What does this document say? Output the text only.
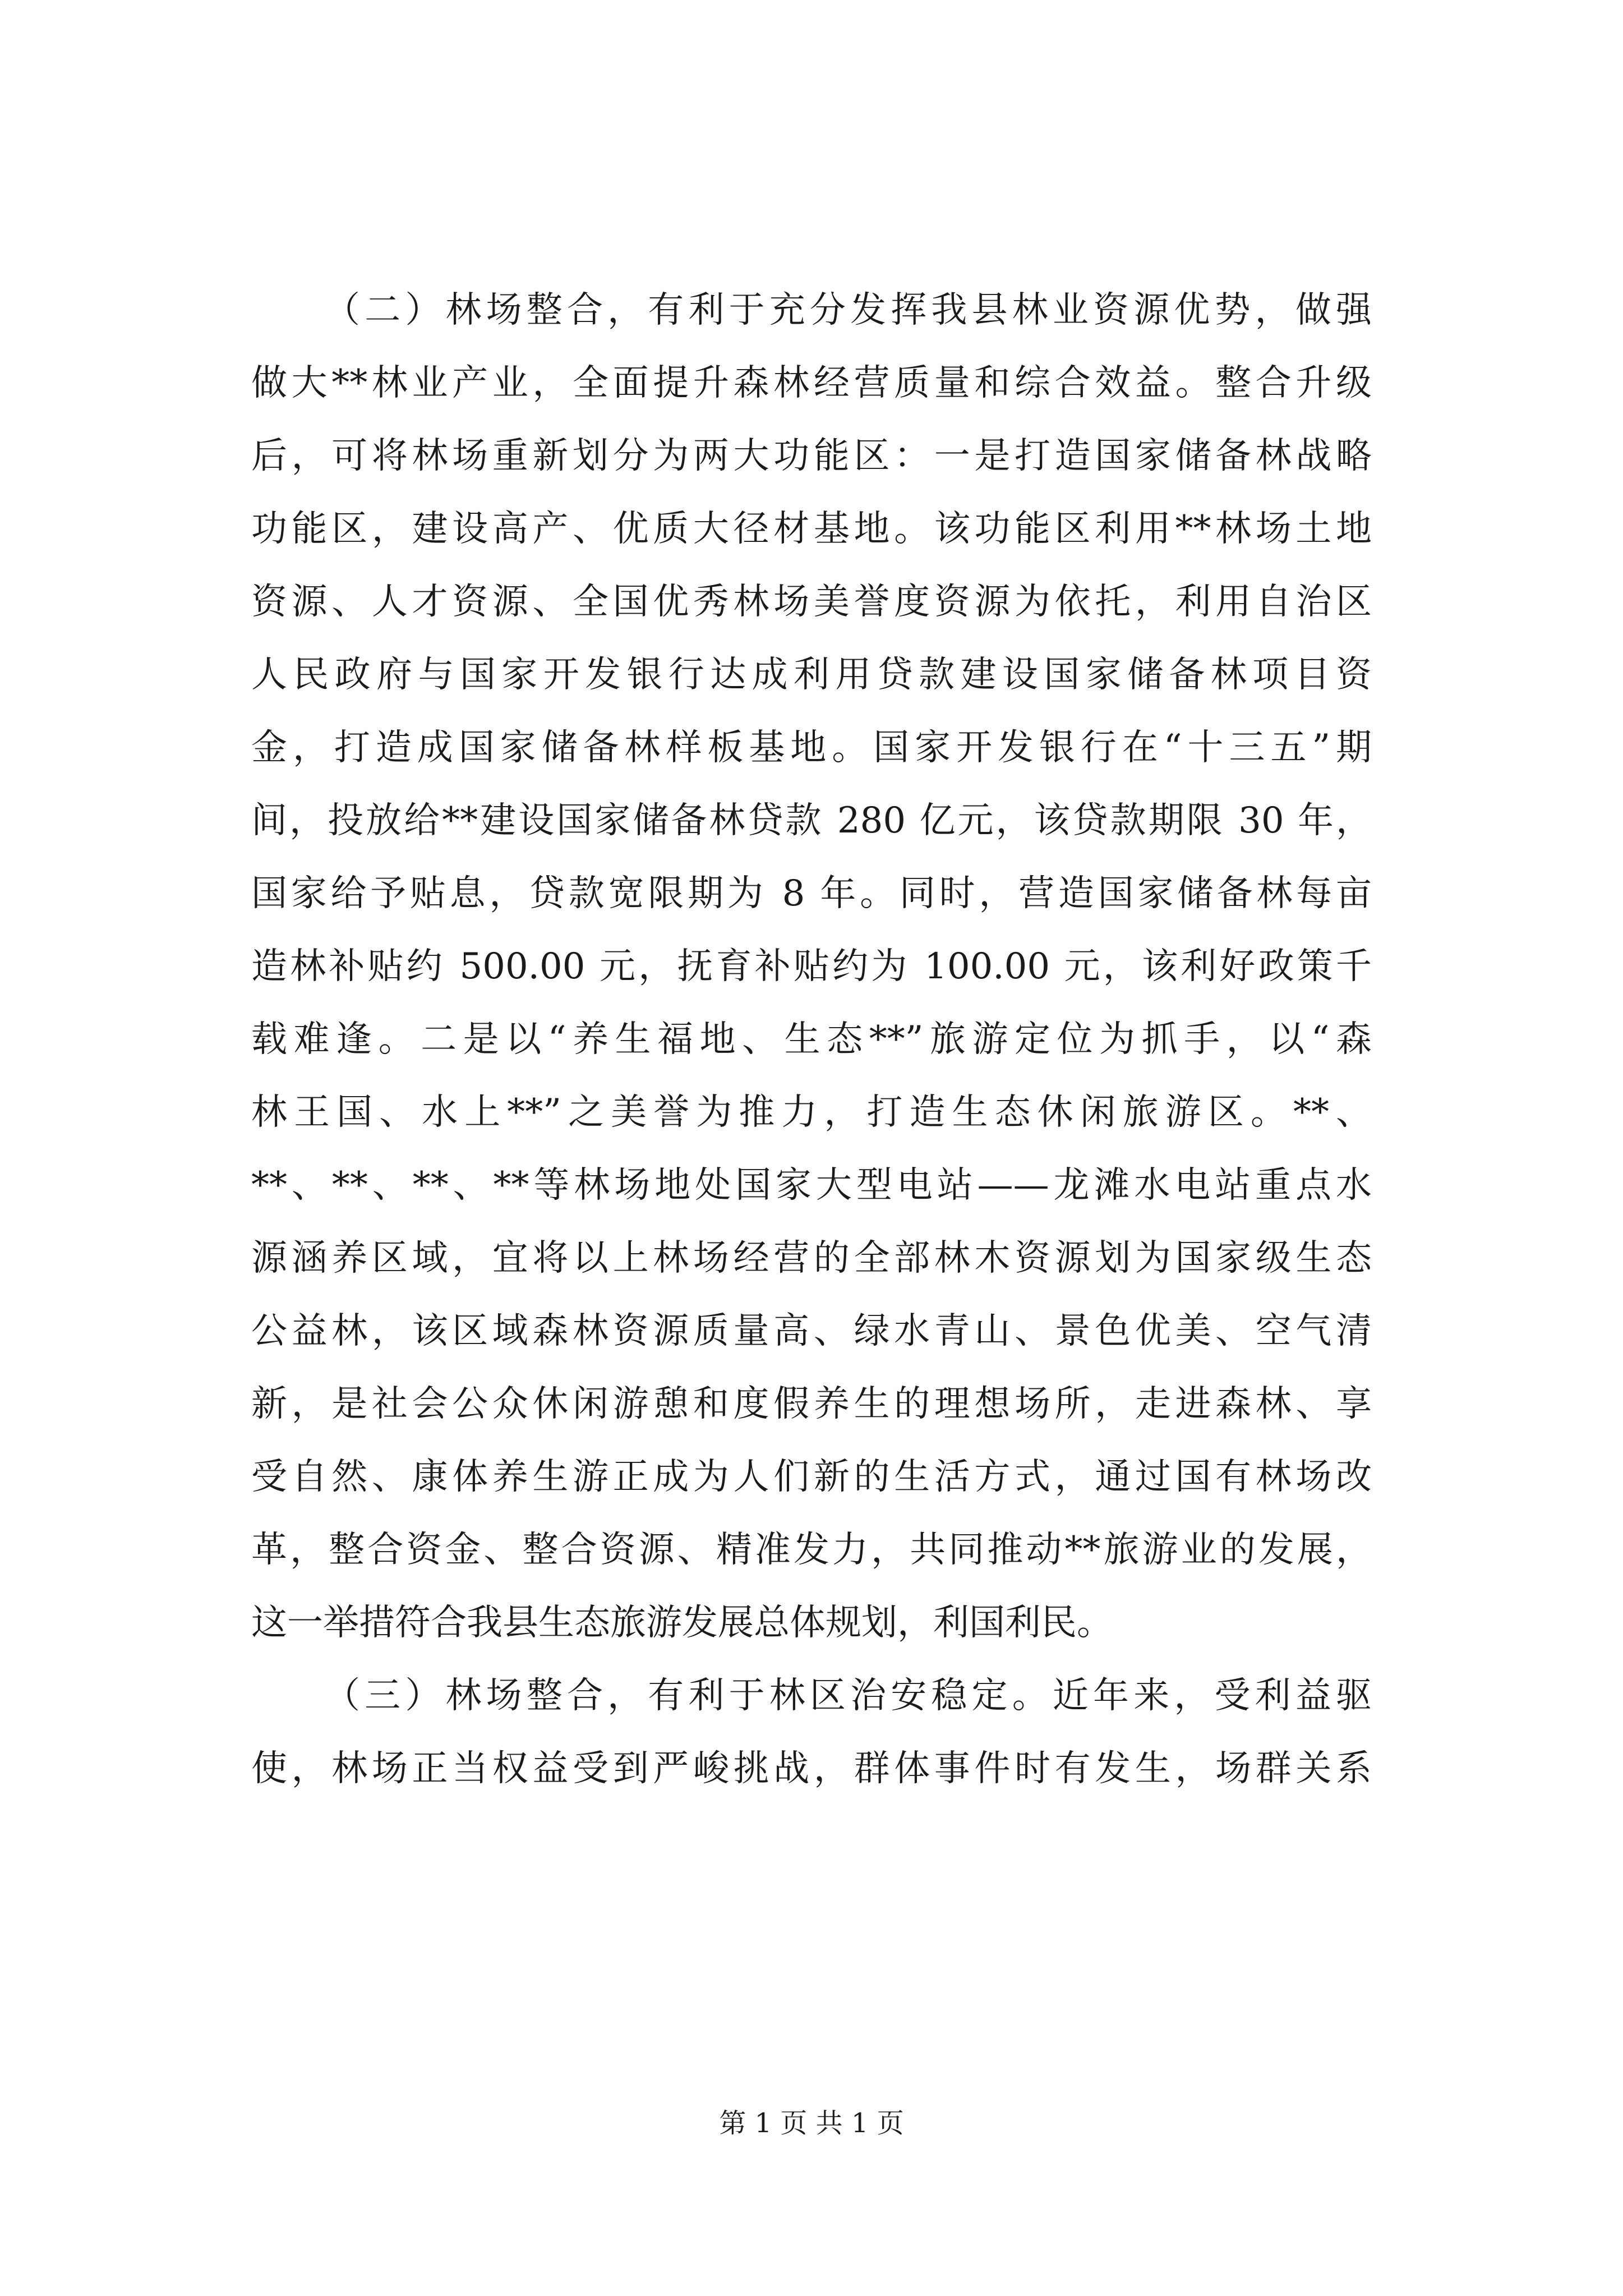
（二）林场整合，有利于充分发挥我县林业资源优势，做强
做大**林业产业，全面提升森林经营质量和综合效益。整合升级
后，可将林场重新划分为两大功能区：一是打造国家储备林战略
功能区，建设高产、优质大径材基地。该功能区利用**林场土地
资源、人才资源、全国优秀林场美誉度资源为依托，利用自治区
人民政府与国家开发银行达成利用贷款建设国家储备林项目资
金，打造成国家储备林样板基地。国家开发银行在“十三五”期
间，投放给**建设国家储备林贷款 280 亿元，该贷款期限 30 年，
国家给予贴息，贷款宽限期为 8 年。同时，营造国家储备林每亩
造林补贴约 500.00 元，抚育补贴约为 100.00 元，该利好政策千
载难逢。二是以“养生福地、生态**”旅游定位为抓手，以“森
林王国、水上**”之美誉为推力，打造生态休闲旅游区。**、
**、**、**、**等林场地处国家大型电站——龙滩水电站重点水
源涵养区域，宜将以上林场经营的全部林木资源划为国家级生态
公益林，该区域森林资源质量高、绿水青山、景色优美、空气清
新，是社会公众休闲游憩和度假养生的理想场所，走进森林、享
受自然、康体养生游正成为人们新的生活方式，通过国有林场改
革，整合资金、整合资源、精准发力，共同推动**旅游业的发展，
这一举措符合我县生态旅游发展总体规划，利国利民。
（三）林场整合，有利于林区治安稳定。近年来，受利益驱
使，林场正当权益受到严峻挑战，群体事件时有发生，场群关系
第 1 页 共 1 页
